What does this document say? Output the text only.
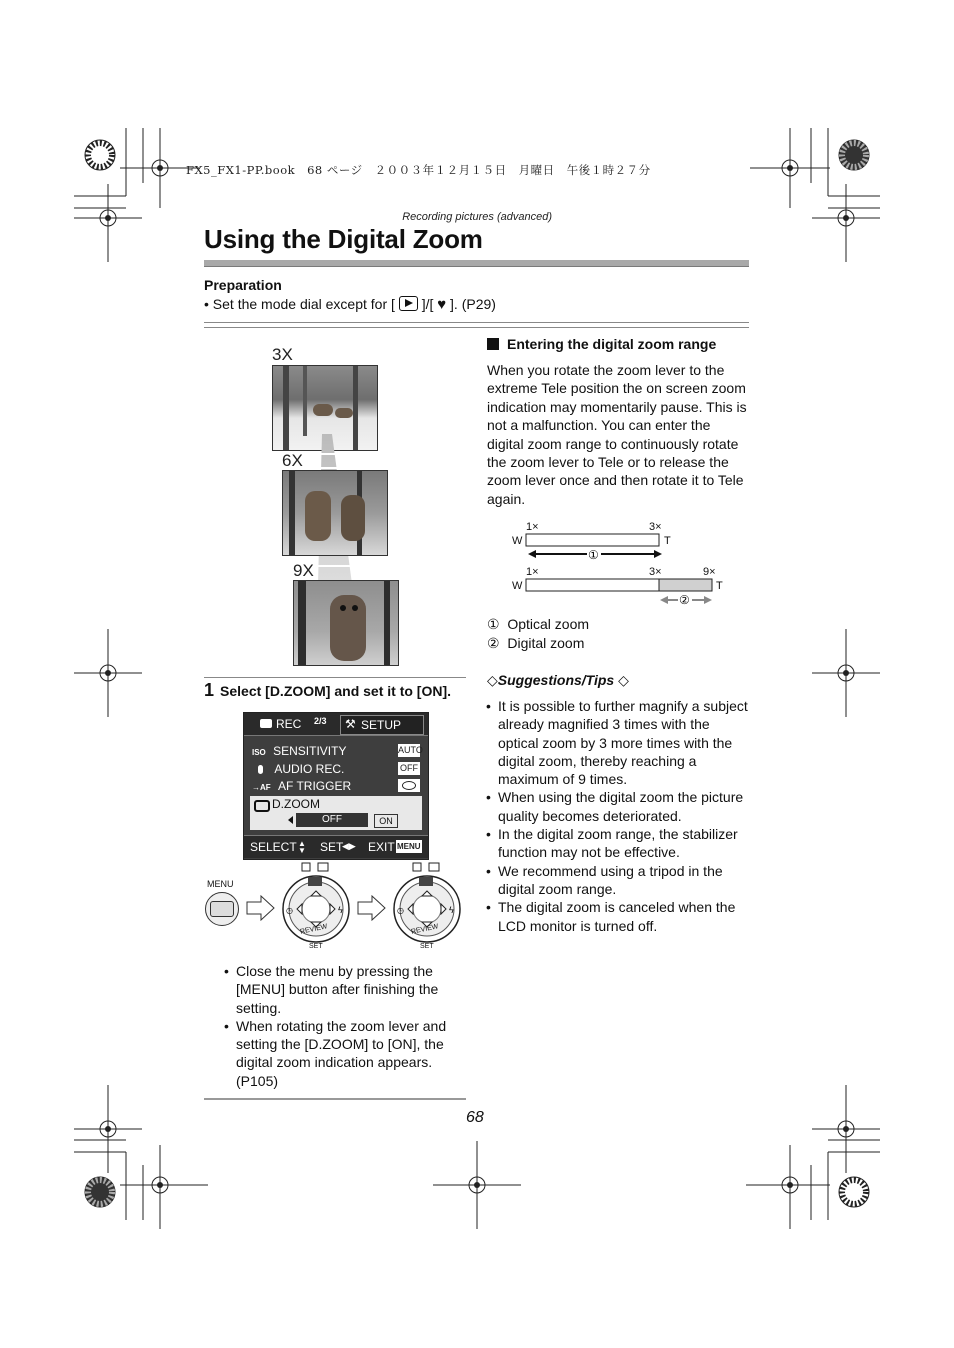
FX5_FX1-PP.book　68 ページ　２００３年１２月１５日　月曜日　午後１時２７分
Recording pictures (advanced)
Using the Digital Zoom
Preparation
• Set the mode dial except for [ ]/[ ♥ ]. (P29)
3X
6X
9X
1 Select [D.ZOOM] and set it to [ON].
REC 2/3 ⚒ SETUP
ISO SENSITIVITY	AUTO
AUDIO REC.	OFF
→AF AF TRIGGER
D.ZOOM
OFF	ON
SELECT ▲
▼ SET
◀▶ EXIT MENU
MENU
ϟ
◷
REVIEW
SET
ϟ
◷
REVIEW
SET
• Close the menu by pressing the [MENU] button after finishing the setting.
• When rotating the zoom lever and setting the [D.ZOOM] to [ON], the digital zoom indication appears. (P105)
Entering the digital zoom range

When you rotate the zoom lever to the extreme Tele position the on screen zoom indication may momentarily pause. This is not a malfunction. You can enter the digital zoom range to continuously rotate the zoom lever to Tele or to release the zoom lever once and then rotate it to Tele again.

1×	3×
W	T
①
1×	3×	9×
W	T
②
① Optical zoom
② Digital zoom
◇Suggestions/Tips ◇
• It is possible to further magnify a subject already magnified 3 times with the optical zoom by 3 more times with the digital zoom, thereby reaching a maximum of 9 times.
• When using the digital zoom the picture quality becomes deteriorated.
• In the digital zoom range, the stabilizer function may not be effective.
• We recommend using a tripod in the digital zoom range.
• The digital zoom is canceled when the LCD monitor is turned off.
68
